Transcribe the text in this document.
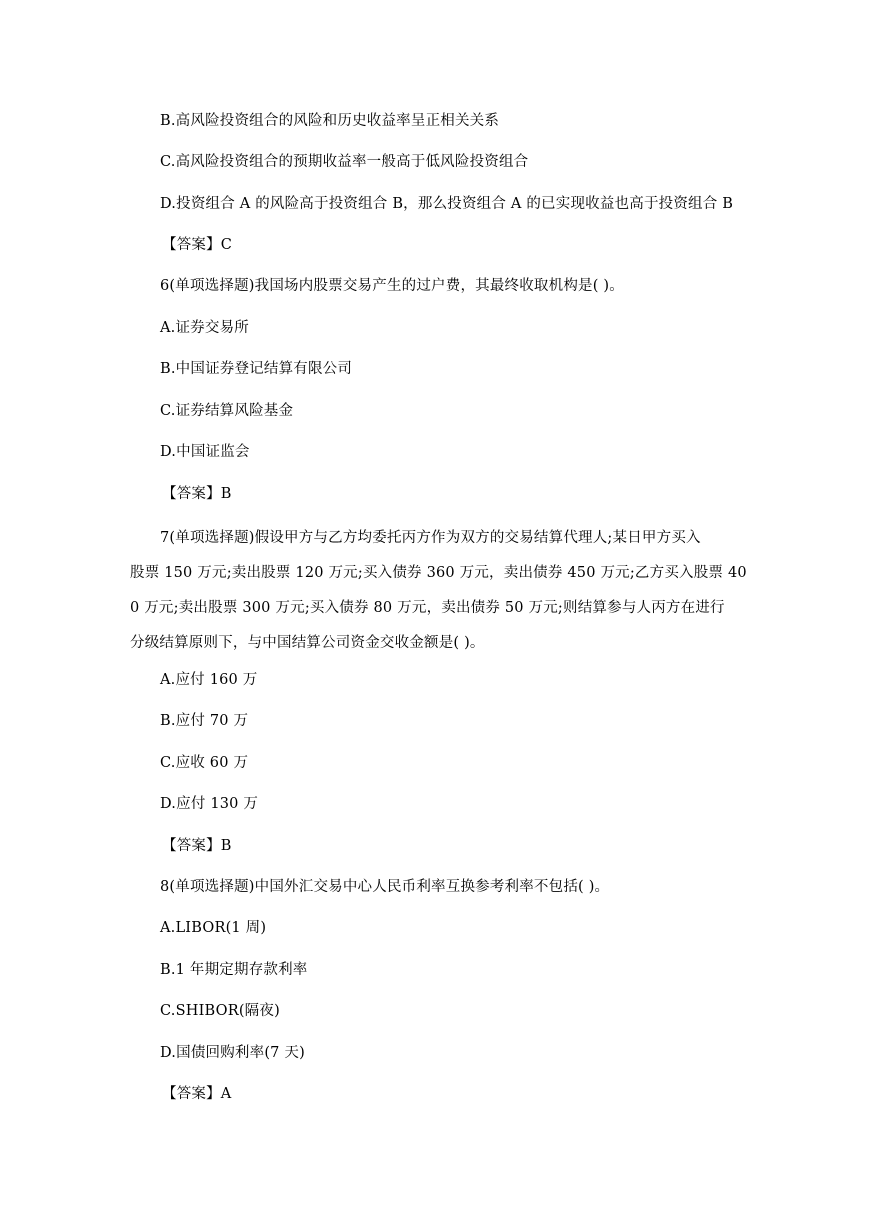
B.高风险投资组合的风险和历史收益率呈正相关关系
C.高风险投资组合的预期收益率一般高于低风险投资组合
D.投资组合 A 的风险高于投资组合 B，那么投资组合 A 的已实现收益也高于投资组合 B
【答案】C
6(单项选择题)我国场内股票交易产生的过户费，其最终收取机构是( )。
A.证券交易所
B.中国证券登记结算有限公司
C.证券结算风险基金
D.中国证监会
【答案】B
7(单项选择题)假设甲方与乙方均委托丙方作为双方的交易结算代理人;某日甲方买入
股票 150 万元;卖出股票 120 万元;买入债券 360 万元，卖出债券 450 万元;乙方买入股票 40
0 万元;卖出股票 300 万元;买入债券 80 万元，卖出债券 50 万元;则结算参与人丙方在进行
分级结算原则下，与中国结算公司资金交收金额是( )。
A.应付 160 万
B.应付 70 万
C.应收 60 万
D.应付 130 万
【答案】B
8(单项选择题)中国外汇交易中心人民币利率互换参考利率不包括( )。
A.LIBOR(1 周)
B.1 年期定期存款利率
C.SHIBOR(隔夜)
D.国债回购利率(7 天)
【答案】A
